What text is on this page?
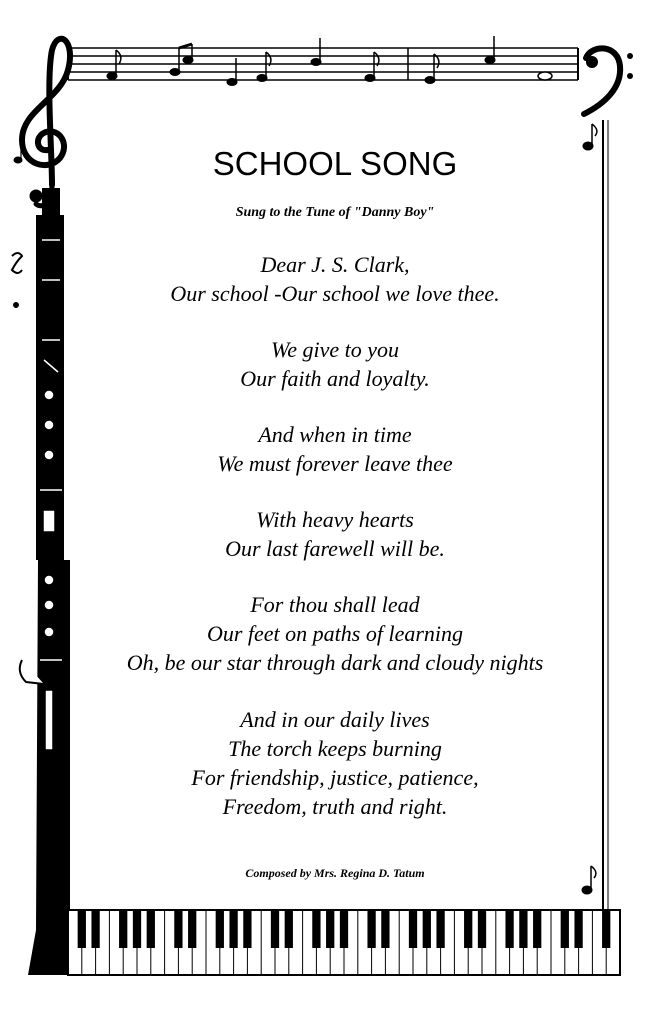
SCHOOL SONG
Sung to the Tune of "Danny Boy"
Dear J. S. Clark,
Our school -Our school we love thee.
We give to you
Our faith and loyalty.
And when in time
We must forever leave thee
With heavy hearts
Our last farewell will be.
For thou shall lead
Our feet on paths of learning
Oh, be our star through dark and cloudy nights
And in our daily lives
The torch keeps burning
For friendship, justice, patience,
Freedom, truth and right.
Composed by Mrs. Regina D. Tatum
